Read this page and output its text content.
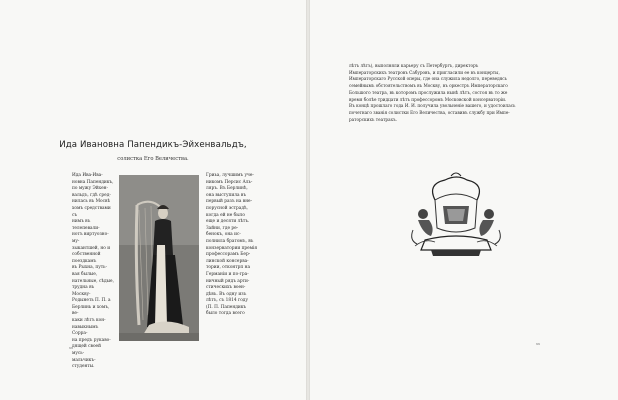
Ида Ивановна Папендикъ-Эйхенвальдъ,
солистка Его Величества.
Ида Ива-Ива-
новна Папендикъ,
по мужу Эйхен-
вальдъ, гдѣ сред-
нилась въ Мосвѣ
хомъ средствами съ
нимъ въ телепевали-
нотъ виртуозно-му-
зыкантшей, но и
собственной поездкамъ
въ Рыхна, путь-
вая былые,
нательные, сѣдые,
трудна въ Москву-
Родынеть П. П. а
Берлинь и хомъ, ве-
каки лѣтъ кон-
навыкнымъ Сорра-
на предъ рукаво-
дящей своей мусь-
мальчикъ-студенты.
Гриьа, лучшимъ уче-
никомъ Персис Аль-
ляръ. Въ Берлинѣ,
она выступила въ
первый разъ на вне-
порусной эстрадѣ,
когда ей не было
еще и десяти лѣтъ.
Зайни, где ре-
бенокъ, она ис-
полнила братомъ, въ
конзерватории премія
профессорамъ Бер-
линской консерва-
тории, отконтрп на
Германіи и по-гра-
ничный рядъ арти-
стическихъ воен-
дѣвъ. Въ одну изъ
лѣтъ, съ 1814 году
(П. П. Папендикъ
было тогда всего
xx
лѣтъ лѣтъ), выполняли карьеру съ Петербургъ, директоръ
Императорскихъ театровъ Сабуровъ, и пригласили ее въ концерты,
Императорскаго Русской оперы, где она служила недолго, переведясь
семейнымъ обстоятельствомъ въ Москву, въ оркестръ Императорскаго
Большого театра, въ которомъ прослужила нынѣ лѣтъ, состоя въ то же
время болѣе тридцати лѣтъ профессоромъ Московской консерваторіи.
Въ концѣ прошлаго года И. И. получила увольненіе вашего, и удостоилась
почетнаго званія солистки Его Величества, оставивъ службу при Импе-
раторскихъ театрахъ.
xx
